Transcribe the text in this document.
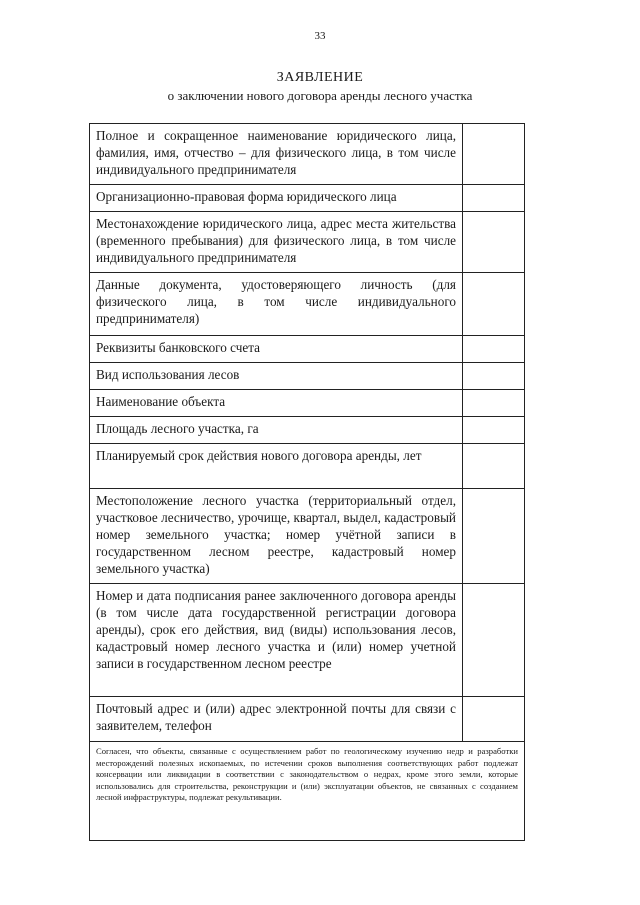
33
ЗАЯВЛЕНИЕ
о заключении нового договора аренды лесного участка
Полное и сокращенное наименование юридического лица, фамилия, имя, отчество – для физического лица, в том числе индивидуального предпринимателя	
Организационно-правовая форма юридического лица	
Местонахождение юридического лица, адрес места жительства (временного пребывания) для физического лица, в том числе индивидуального предпринимателя	
Данные документа, удостоверяющего личность (для физического лица, в том числе индивидуального предпринимателя)	
Реквизиты банковского счета	
Вид использования лесов	
Наименование объекта	
Площадь лесного участка, га	
Планируемый срок действия нового договора аренды, лет	
Местоположение лесного участка (территориальный отдел, участковое лесничество, урочище, квартал, выдел, кадастровый номер земельного участка; номер учётной записи в государственном лесном реестре, кадастровый номер земельного участка)	
Номер и дата подписания ранее заключенного договора аренды (в том числе дата государственной регистрации договора аренды), срок его действия, вид (виды) использования лесов, кадастровый номер лесного участка и (или) номер учетной записи в государственном лесном реестре	
Почтовый адрес и (или) адрес электронной почты для связи с заявителем, телефон	
Согласен, что объекты, связанные с осуществлением работ по геологическому изучению недр и разработки месторождений полезных ископаемых, по истечении сроков выполнения соответствующих работ подлежат консервации или ликвидации в соответствии с законодательством о недрах, кроме этого земли, которые использовались для строительства, реконструкции и (или) эксплуатации объектов, не связанных с созданием лесной инфраструктуры, подлежат рекультивации.	
